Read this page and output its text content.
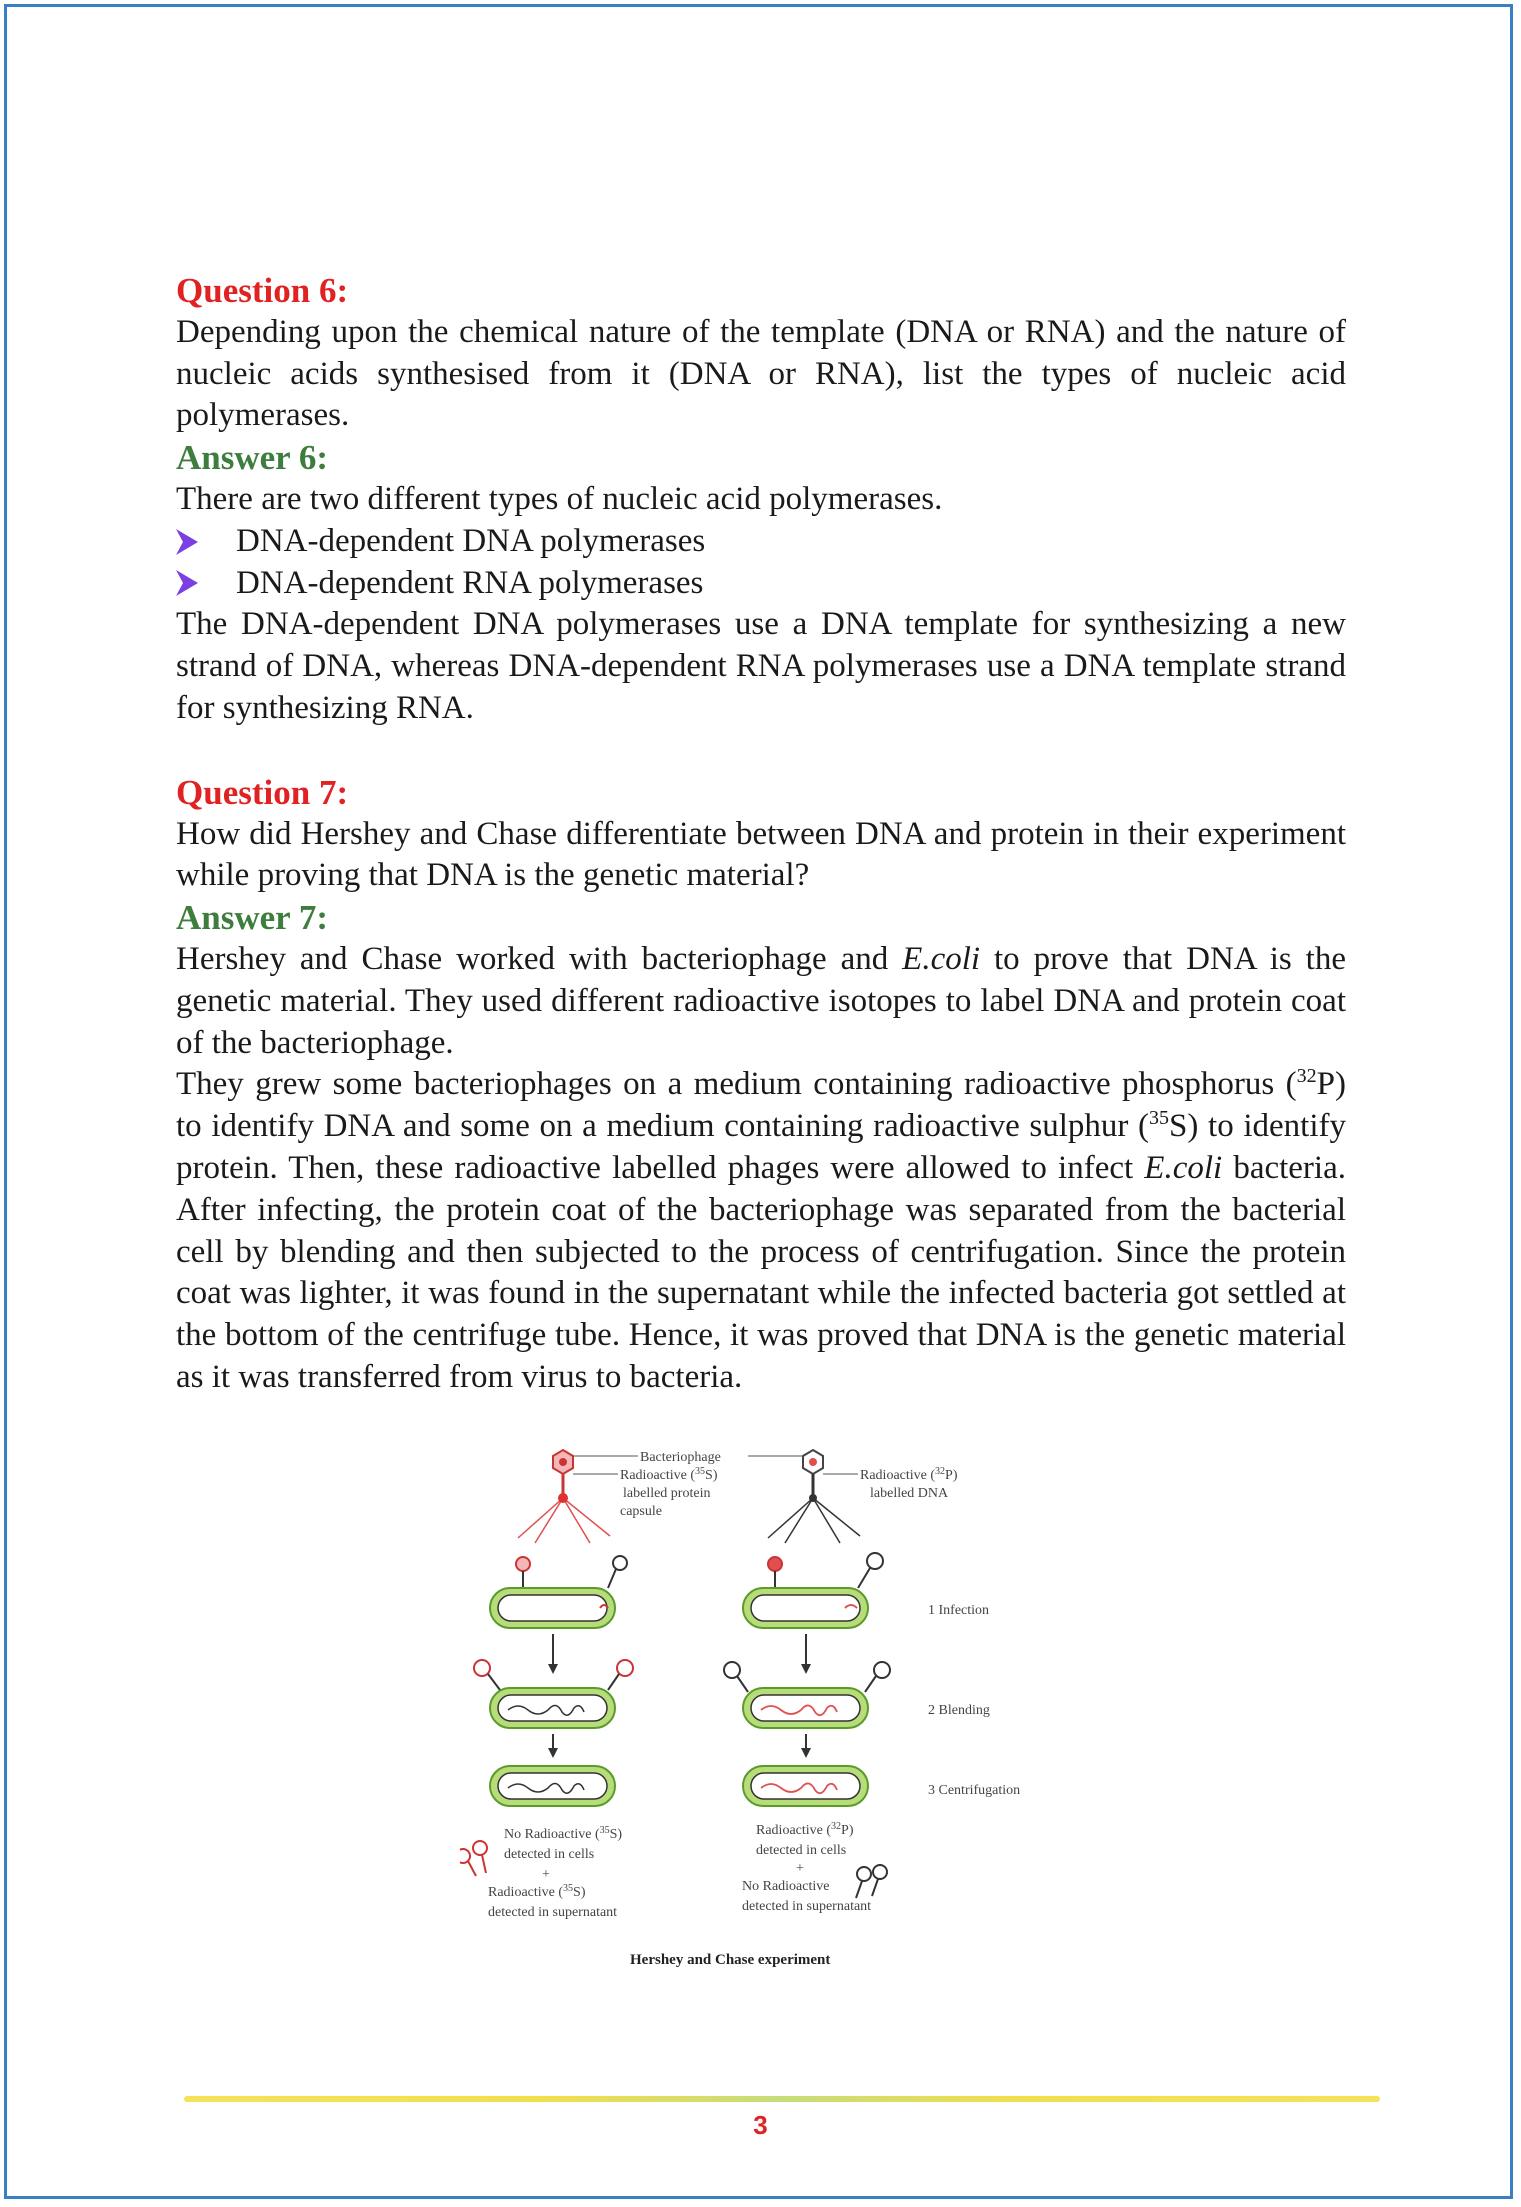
Question 6:
Depending upon the chemical nature of the template (DNA or RNA) and the nature of nucleic acids synthesised from it (DNA or RNA), list the types of nucleic acid polymerases.
Answer 6:
There are two different types of nucleic acid polymerases.
DNA-dependent DNA polymerases
DNA-dependent RNA polymerases
The DNA-dependent DNA polymerases use a DNA template for synthesizing a new strand of DNA, whereas DNA-dependent RNA polymerases use a DNA template strand for synthesizing RNA.
Question 7:
How did Hershey and Chase differentiate between DNA and protein in their experiment while proving that DNA is the genetic material?
Answer 7:
Hershey and Chase worked with bacteriophage and E.coli to prove that DNA is the genetic material. They used different radioactive isotopes to label DNA and protein coat of the bacteriophage.
They grew some bacteriophages on a medium containing radioactive phosphorus ($^{32}$P) to identify DNA and some on a medium containing radioactive sulphur ($^{35}$S) to identify protein. Then, these radioactive labelled phages were allowed to infect E.coli bacteria. After infecting, the protein coat of the bacteriophage was separated from the bacterial cell by blending and then subjected to the process of centrifugation. Since the protein coat was lighter, it was found in the supernatant while the infected bacteria got settled at the bottom of the centrifuge tube. Hence, it was proved that DNA is the genetic material as it was transferred from virus to bacteria.
Bacteriophage
Radioactive ($^{35}$S)
labelled protein
capsule
Radioactive ($^{32}$P)
labelled DNA
1 Infection
2 Blending
3 Centrifugation
No Radioactive ($^{35}$S)
detected in cells
+
Radioactive ($^{35}$S)
detected in supernatant
Radioactive ($^{32}$P)
detected in cells
+
No Radioactive
detected in supernatant
Hershey and Chase experiment
3
